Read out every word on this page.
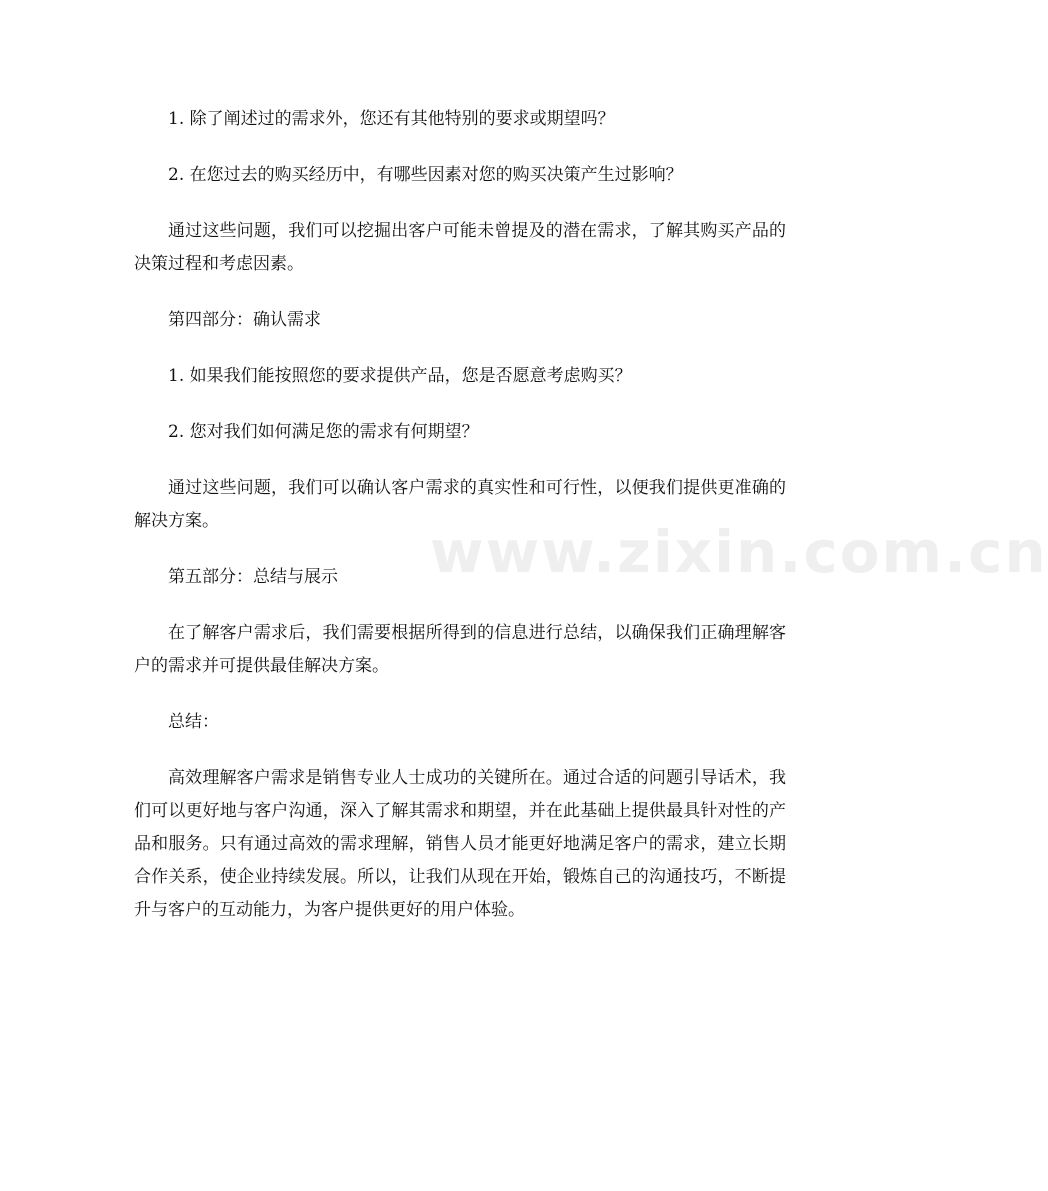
www.zixin.com.cn

1. 除了阐述过的需求外，您还有其他特别的要求或期望吗？

2. 在您过去的购买经历中，有哪些因素对您的购买决策产生过影响？

通过这些问题，我们可以挖掘出客户可能未曾提及的潜在需求，了解其购买产品的决策过程和考虑因素。

第四部分：确认需求

1. 如果我们能按照您的要求提供产品，您是否愿意考虑购买？

2. 您对我们如何满足您的需求有何期望？

通过这些问题，我们可以确认客户需求的真实性和可行性，以便我们提供更准确的解决方案。

第五部分：总结与展示

在了解客户需求后，我们需要根据所得到的信息进行总结，以确保我们正确理解客户的需求并可提供最佳解决方案。

总结：

高效理解客户需求是销售专业人士成功的关键所在。通过合适的问题引导话术，我们可以更好地与客户沟通，深入了解其需求和期望，并在此基础上提供最具针对性的产品和服务。只有通过高效的需求理解，销售人员才能更好地满足客户的需求，建立长期合作关系，使企业持续发展。所以，让我们从现在开始，锻炼自己的沟通技巧，不断提升与客户的互动能力，为客户提供更好的用户体验。
